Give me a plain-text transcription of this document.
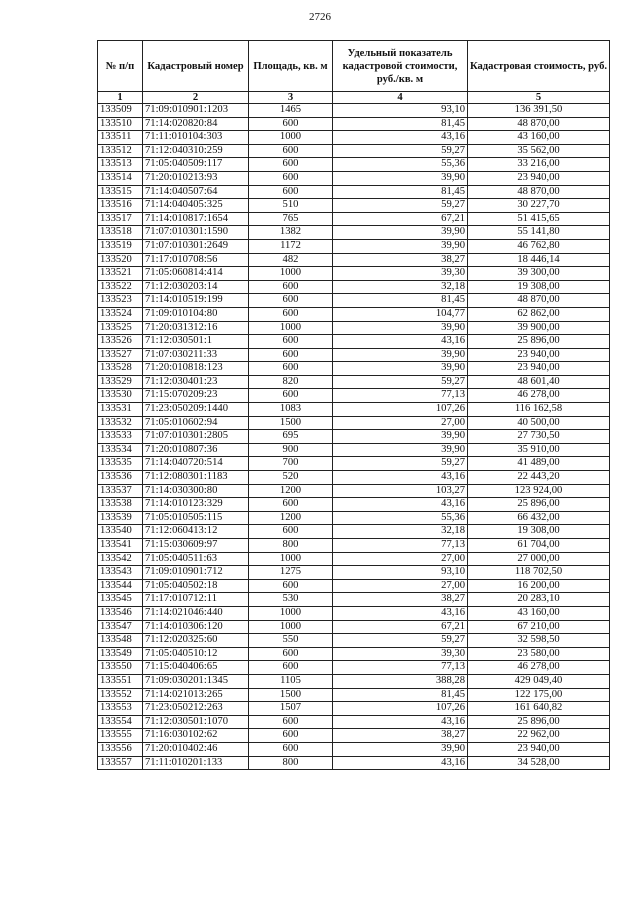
2726
№ п/п	Кадастровый номер	Площадь, кв. м	Удельный показатель кадастровой стоимости, руб./кв. м	Кадастровая стоимость, руб.
1	2	3	4	5
133509	71:09:010901:1203	1465	93,10	136 391,50
133510	71:14:020820:84	600	81,45	48 870,00
133511	71:11:010104:303	1000	43,16	43 160,00
133512	71:12:040310:259	600	59,27	35 562,00
133513	71:05:040509:117	600	55,36	33 216,00
133514	71:20:010213:93	600	39,90	23 940,00
133515	71:14:040507:64	600	81,45	48 870,00
133516	71:14:040405:325	510	59,27	30 227,70
133517	71:14:010817:1654	765	67,21	51 415,65
133518	71:07:010301:1590	1382	39,90	55 141,80
133519	71:07:010301:2649	1172	39,90	46 762,80
133520	71:17:010708:56	482	38,27	18 446,14
133521	71:05:060814:414	1000	39,30	39 300,00
133522	71:12:030203:14	600	32,18	19 308,00
133523	71:14:010519:199	600	81,45	48 870,00
133524	71:09:010104:80	600	104,77	62 862,00
133525	71:20:031312:16	1000	39,90	39 900,00
133526	71:12:030501:1	600	43,16	25 896,00
133527	71:07:030211:33	600	39,90	23 940,00
133528	71:20:010818:123	600	39,90	23 940,00
133529	71:12:030401:23	820	59,27	48 601,40
133530	71:15:070209:23	600	77,13	46 278,00
133531	71:23:050209:1440	1083	107,26	116 162,58
133532	71:05:010602:94	1500	27,00	40 500,00
133533	71:07:010301:2805	695	39,90	27 730,50
133534	71:20:010807:36	900	39,90	35 910,00
133535	71:14:040720:514	700	59,27	41 489,00
133536	71:12:080301:1183	520	43,16	22 443,20
133537	71:14:030300:80	1200	103,27	123 924,00
133538	71:14:010123:329	600	43,16	25 896,00
133539	71:05:010505:115	1200	55,36	66 432,00
133540	71:12:060413:12	600	32,18	19 308,00
133541	71:15:030609:97	800	77,13	61 704,00
133542	71:05:040511:63	1000	27,00	27 000,00
133543	71:09:010901:712	1275	93,10	118 702,50
133544	71:05:040502:18	600	27,00	16 200,00
133545	71:17:010712:11	530	38,27	20 283,10
133546	71:14:021046:440	1000	43,16	43 160,00
133547	71:14:010306:120	1000	67,21	67 210,00
133548	71:12:020325:60	550	59,27	32 598,50
133549	71:05:040510:12	600	39,30	23 580,00
133550	71:15:040406:65	600	77,13	46 278,00
133551	71:09:030201:1345	1105	388,28	429 049,40
133552	71:14:021013:265	1500	81,45	122 175,00
133553	71:23:050212:263	1507	107,26	161 640,82
133554	71:12:030501:1070	600	43,16	25 896,00
133555	71:16:030102:62	600	38,27	22 962,00
133556	71:20:010402:46	600	39,90	23 940,00
133557	71:11:010201:133	800	43,16	34 528,00
